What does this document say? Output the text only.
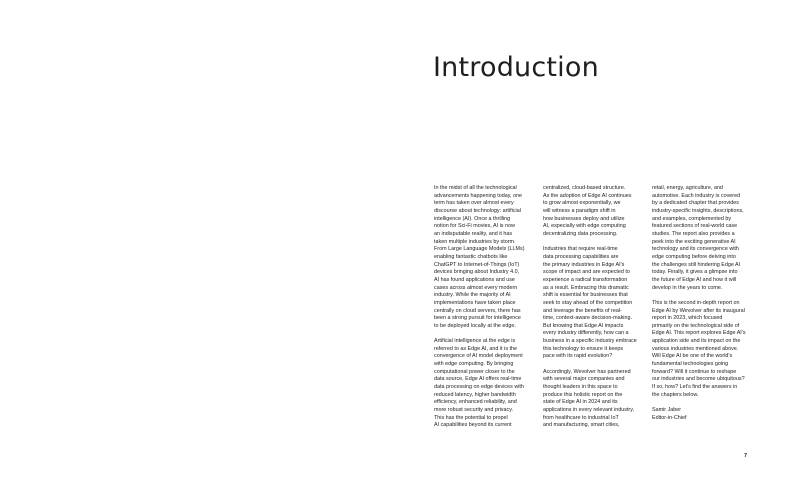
Introduction

In the midst of all the technological
advancements happening today, one
term has taken over almost every
discourse about technology: artificial
intelligence (AI). Once a thrilling
notion for Sci-Fi movies, AI is now
an indisputable reality, and it has
taken multiple industries by storm.
From Large Language Models (LLMs)
enabling fantastic chatbots like
ChatGPT to Internet-of-Things (IoT)
devices bringing about Industry 4.0,
AI has found applications and use
cases across almost every modern
industry. While the majority of AI
implementations have taken place
centrally on cloud servers, there has
been a strong pursuit for intelligence
to be deployed locally at the edge.

Artificial intelligence at the edge is
referred to as Edge AI, and it is the
convergence of AI model deployment
with edge computing. By bringing
computational power closer to the
data source, Edge AI offers real-time
data processing on edge devices with
reduced latency, higher bandwidth
efficiency, enhanced reliability, and
more robust security and privacy.
This has the potential to propel
AI capabilities beyond its current

centralized, cloud-based structure.
As the adoption of Edge AI continues
to grow almost exponentially, we
will witness a paradigm shift in
how businesses deploy and utilize
AI, especially with edge computing
decentralizing data processing.

Industries that require real-time
data processing capabilities are
the primary industries in Edge AI's
scope of impact and are expected to
experience a radical transformation
as a result. Embracing this dramatic
shift is essential for businesses that
seek to stay ahead of the competition
and leverage the benefits of real-
time, context-aware decision-making.
But knowing that Edge AI impacts
every industry differently, how can a
business in a specific industry embrace
this technology to ensure it keeps
pace with its rapid evolution?

Accordingly, Wevolver has partnered
with several major companies and
thought leaders in this space to
produce this holistic report on the
state of Edge AI in 2024 and its
applications in every relevant industry,
from healthcare to industrial IoT
and manufacturing, smart cities,

retail, energy, agriculture, and
automotive. Each industry is covered
by a dedicated chapter that provides
industry-specific insights, descriptions,
and examples, complemented by
featured sections of real-world case
studies. The report also provides a
peek into the exciting generative AI
technology and its convergence with
edge computing before delving into
the challenges still hindering Edge AI
today. Finally, it gives a glimpse into
the future of Edge AI and how it will
develop in the years to come.

This is the second in-depth report on
Edge AI by Wevolver after its inaugural
report in 2023, which focused
primarily on the technological side of
Edge AI. This report explores Edge AI's
application side and its impact on the
various industries mentioned above.
Will Edge AI be one of the world's
fundamental technologies going
forward? Will it continue to reshape
our industries and become ubiquitous?
If so, how? Let's find the answers in
the chapters below.

Samir Jaber
Editor-in-Chief

7
